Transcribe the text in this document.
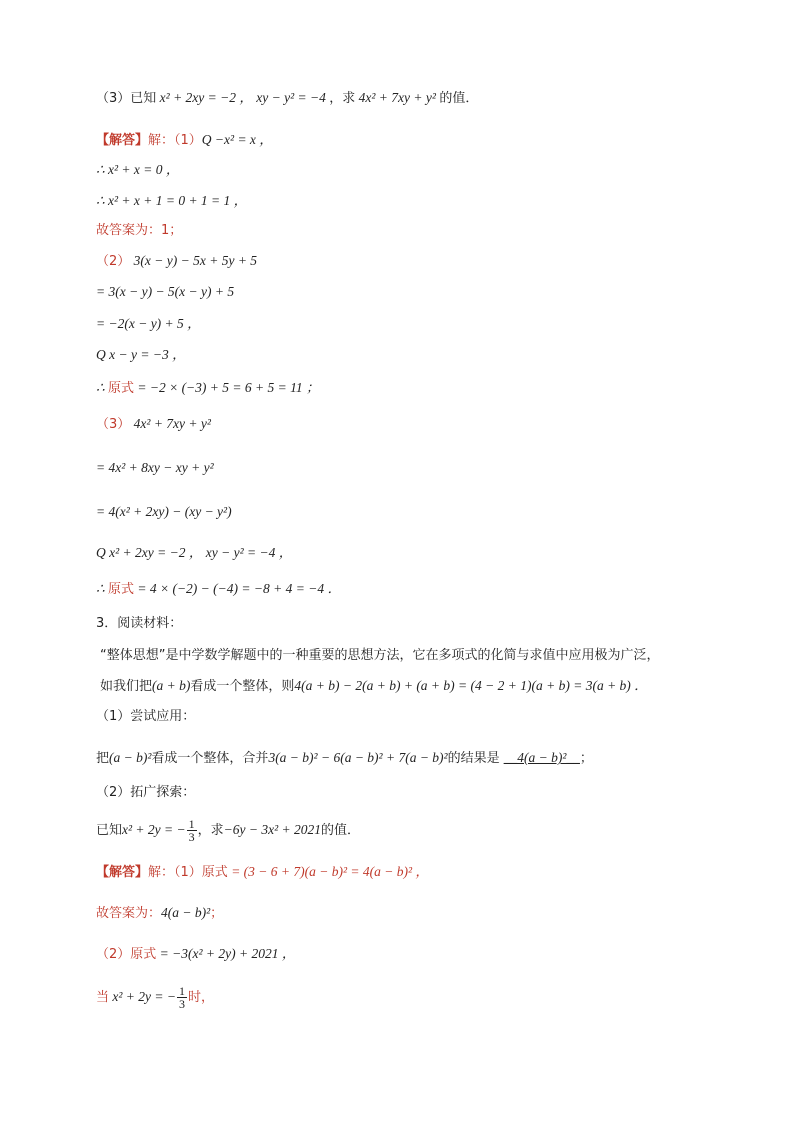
（3）已知 x² + 2xy = −2 ， xy − y² = −4 ，求 4x² + 7xy + y² 的值．
【解答】解：（1）Q −x² = x ，
∴ x² + x = 0 ，
∴ x² + x + 1 = 0 + 1 = 1 ，
故答案为：1；
（2） 3(x − y) − 5x + 5y + 5
= 3(x − y) − 5(x − y) + 5
= −2(x − y) + 5 ，
Q x − y = −3 ，
∴ 原式 = −2 × (−3) + 5 = 6 + 5 = 11 ；
（3） 4x² + 7xy + y²
= 4x² + 8xy − xy + y²
= 4(x² + 2xy) − (xy − y²)
Q x² + 2xy = −2 ， xy − y² = −4 ，
∴ 原式 = 4 × (−2) − (−4) = −8 + 4 = −4 ．
3．阅读材料：
“整体思想”是中学数学解题中的一种重要的思想方法，它在多项式的化简与求值中应用极为广泛，
如我们把(a + b)看成一个整体，则4(a + b) − 2(a + b) + (a + b) = (4 − 2 + 1)(a + b) = 3(a + b) ．
（1）尝试应用：
把(a − b)²看成一个整体，合并3(a − b)² − 6(a − b)² + 7(a − b)²的结果是 __4(a − b)²__；
（2）拓广探索：
已知x² + 2y = − $\frac{1}{3}$ ，求−6y − 3x² + 2021的值．
【解答】解：（1）原式 = (3 − 6 + 7)(a − b)² = 4(a − b)² ，
故答案为：4(a − b)²；
（2）原式 = −3(x² + 2y) + 2021 ，
当 x² + 2y = − $\frac{1}{3}$ 时，
